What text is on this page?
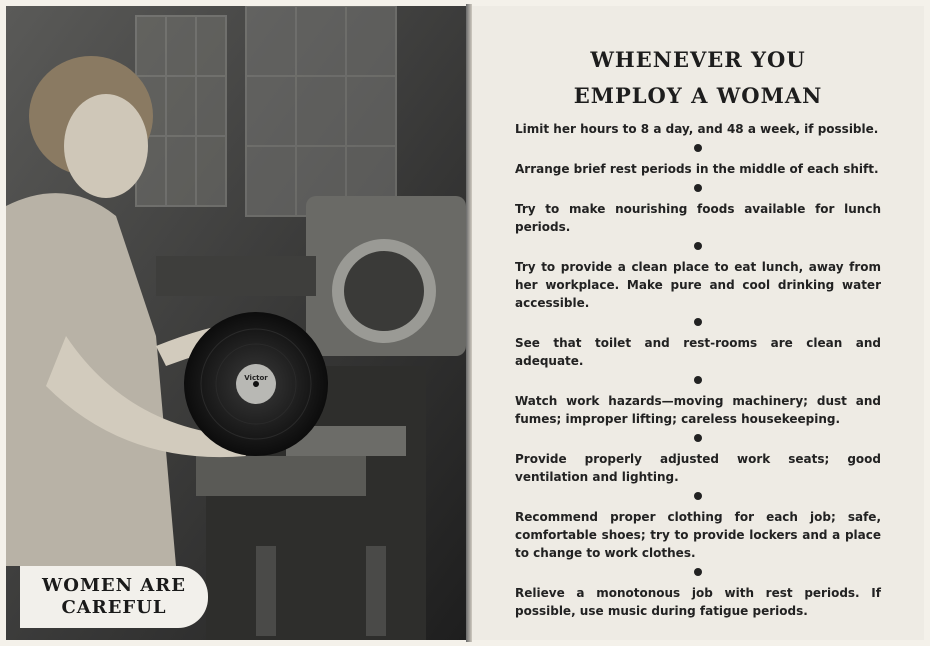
Victor
WOMEN ARE
CAREFUL
WHENEVER YOU
EMPLOY A WOMAN
Limit her hours to 8 a day, and 48 a week, if possible.
Arrange brief rest periods in the middle of each shift.
Try to make nourishing foods available for lunch periods.
Try to provide a clean place to eat lunch, away from her workplace. Make pure and cool drinking water accessible.
See that toilet and rest-rooms are clean and adequate.
Watch work hazards—moving machinery; dust and fumes; improper lifting; careless housekeeping.
Provide properly adjusted work seats; good ventilation and lighting.
Recommend proper clothing for each job; safe, comfortable shoes; try to provide lockers and a place to change to work clothes.
Relieve a monotonous job with rest periods. If possible, use music during fatigue periods.
